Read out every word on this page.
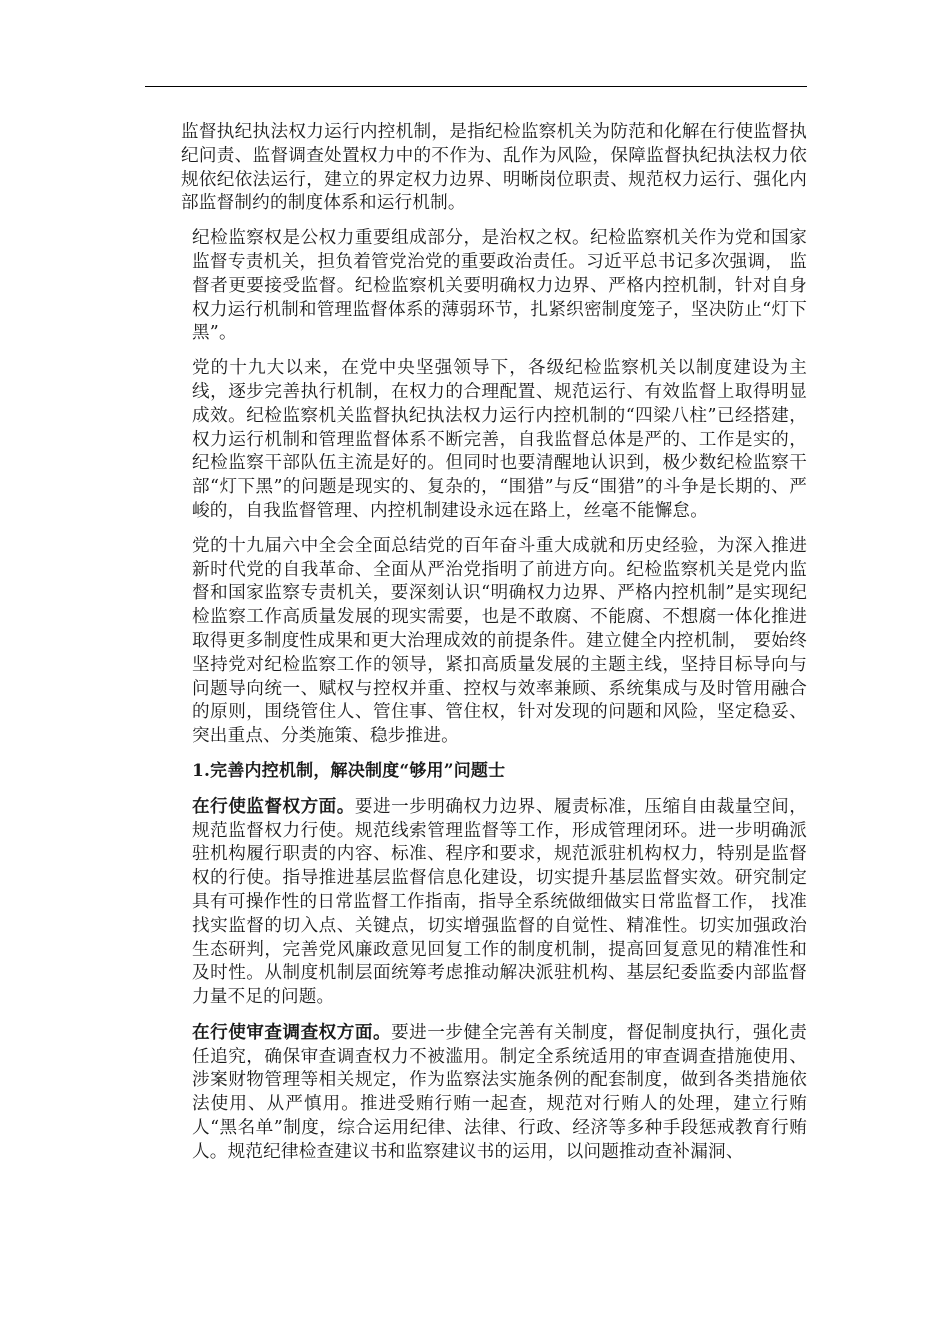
监督执纪执法权力运行内控机制，是指纪检监察机关为防范和化解在行使监督执纪问责、监督调查处置权力中的不作为、乱作为风险，保障监督执纪执法权力依规依纪依法运行，建立的界定权力边界、明晰岗位职责、规范权力运行、强化内部监督制约的制度体系和运行机制。

纪检监察权是公权力重要组成部分，是治权之权。纪检监察机关作为党和国家监督专责机关，担负着管党治党的重要政治责任。习近平总书记多次强调， 监督者更要接受监督。纪检监察机关要明确权力边界、严格内控机制，针对自身权力运行机制和管理监督体系的薄弱环节，扎紧织密制度笼子，坚决防止“灯下黑”。

党的十九大以来，在党中央坚强领导下，各级纪检监察机关以制度建设为主线，逐步完善执行机制，在权力的合理配置、规范运行、有效监督上取得明显成效。纪检监察机关监督执纪执法权力运行内控机制的“四梁八柱”已经搭建，权力运行机制和管理监督体系不断完善，自我监督总体是严的、工作是实的，纪检监察干部队伍主流是好的。但同时也要清醒地认识到，极少数纪检监察干部“灯下黑”的问题是现实的、复杂的，“围猎”与反“围猎”的斗争是长期的、严峻的，自我监督管理、内控机制建设永远在路上，丝毫不能懈怠。

党的十九届六中全会全面总结党的百年奋斗重大成就和历史经验，为深入推进新时代党的自我革命、全面从严治党指明了前进方向。纪检监察机关是党内监督和国家监察专责机关，要深刻认识“明确权力边界、严格内控机制”是实现纪检监察工作高质量发展的现实需要，也是不敢腐、不能腐、不想腐一体化推进取得更多制度性成果和更大治理成效的前提条件。建立健全内控机制， 要始终坚持党对纪检监察工作的领导，紧扣高质量发展的主题主线，坚持目标导向与问题导向统一、赋权与控权并重、控权与效率兼顾、系统集成与及时管用融合的原则，围绕管住人、管住事、管住权，针对发现的问题和风险，坚定稳妥、突出重点、分类施策、稳步推进。

1.完善内控机制，解决制度“够用”问题士

在行使监督权方面。要进一步明确权力边界、履责标准，压缩自由裁量空间，规范监督权力行使。规范线索管理监督等工作，形成管理闭环。进一步明确派驻机构履行职责的内容、标准、程序和要求，规范派驻机构权力，特别是监督权的行使。指导推进基层监督信息化建设，切实提升基层监督实效。研究制定具有可操作性的日常监督工作指南，指导全系统做细做实日常监督工作， 找准找实监督的切入点、关键点，切实增强监督的自觉性、精准性。切实加强政治生态研判，完善党风廉政意见回复工作的制度机制，提高回复意见的精准性和及时性。从制度机制层面统筹考虑推动解决派驻机构、基层纪委监委内部监督力量不足的问题。

在行使审查调查权方面。要进一步健全完善有关制度，督促制度执行，强化责任追究，确保审查调查权力不被滥用。制定全系统适用的审查调查措施使用、涉案财物管理等相关规定，作为监察法实施条例的配套制度，做到各类措施依法使用、从严慎用。推进受贿行贿一起查，规范对行贿人的处理，建立行贿人“黑名单”制度，综合运用纪律、法律、行政、经济等多种手段惩戒教育行贿人。规范纪律检查建议书和监察建议书的运用，以问题推动查补漏洞、
